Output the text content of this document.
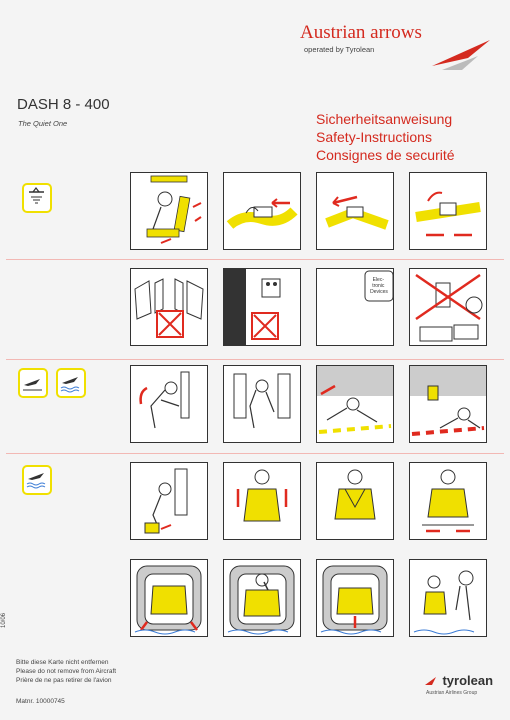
Austrian arrows
operated by Tyrolean
DASH 8 - 400
The Quiet One	Sicherheitsanweisung
Safety-Instructions
Consignes de securité
Elec- tronic Devices
10/06
Bitte diese Karte nicht entfernen
Please do not remove from Aircraft
Prière de ne pas retirer de l'avion
Matnr. 10000745
tyrolean
Austrian Airlines Group
